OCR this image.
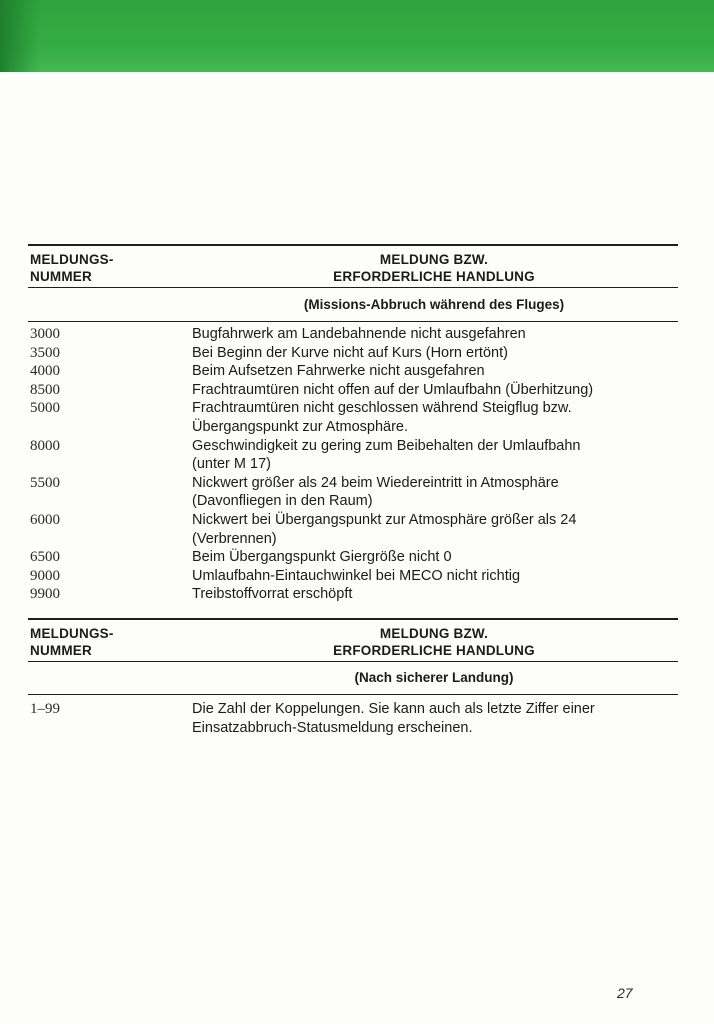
MELDUNGS-
NUMMER
MELDUNG BZW.
ERFORDERLICHE HANDLUNG
(Missions-Abbruch während des Fluges)
3000	Bugfahrwerk am Landebahnende nicht ausgefahren
3500	Bei Beginn der Kurve nicht auf Kurs (Horn ertönt)
4000	Beim Aufsetzen Fahrwerke nicht ausgefahren
8500	Frachtraumtüren nicht offen auf der Umlaufbahn (Überhitzung)
5000	Frachtraumtüren nicht geschlossen während Steigflug bzw.
Übergangspunkt zur Atmosphäre.
8000	Geschwindigkeit zu gering zum Beibehalten der Umlaufbahn
(unter M 17)
5500	Nickwert größer als 24 beim Wiedereintritt in Atmosphäre
(Davonfliegen in den Raum)
6000	Nickwert bei Übergangspunkt zur Atmosphäre größer als 24
(Verbrennen)
6500	Beim Übergangspunkt Giergröße nicht 0
9000	Umlaufbahn-Eintauchwinkel bei MECO nicht richtig
9900	Treibstoffvorrat erschöpft
MELDUNGS-
NUMMER
MELDUNG BZW.
ERFORDERLICHE HANDLUNG
(Nach sicherer Landung)
1–99	Die Zahl der Koppelungen. Sie kann auch als letzte Ziffer einer
Einsatzabbruch-Statusmeldung erscheinen.
27
